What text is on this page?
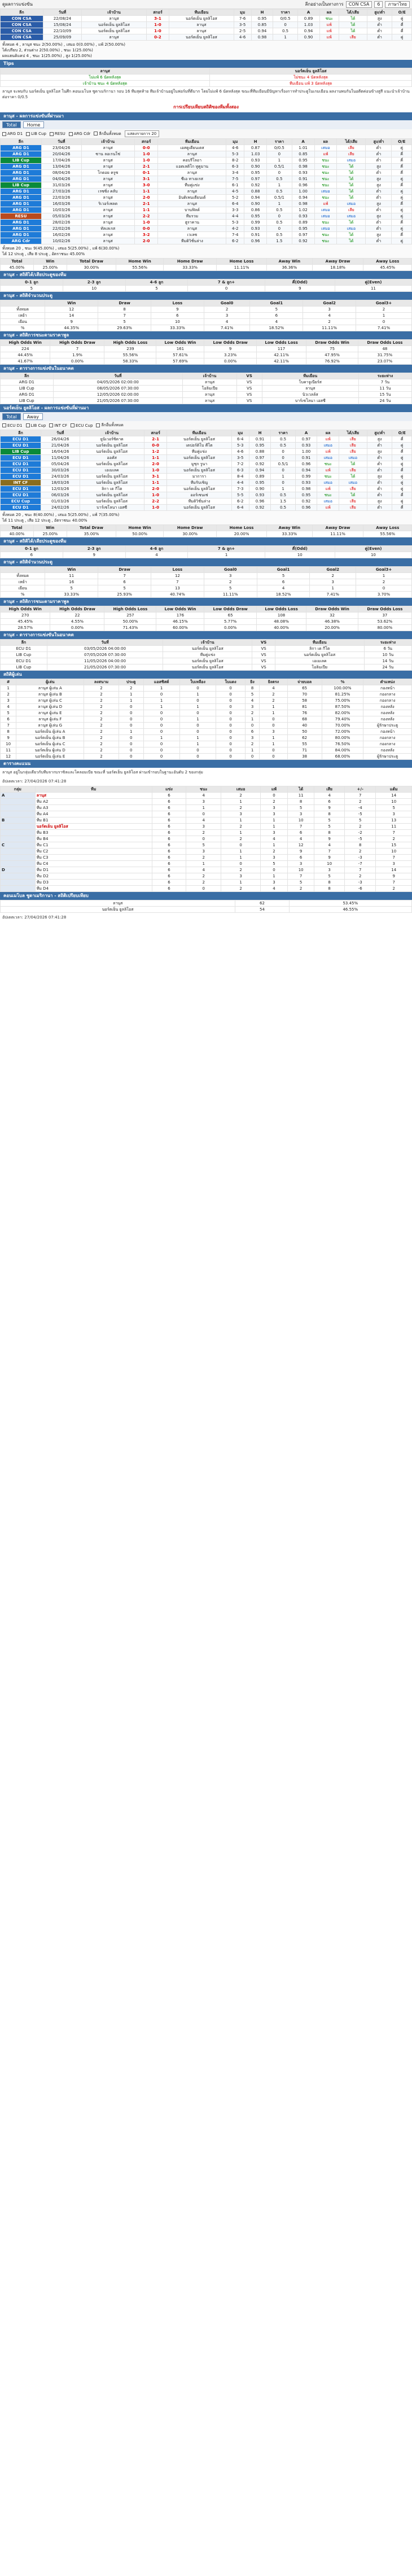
ดูผลการแข่งขัน	ลีกอย่างเป็นทางการ	CON CSA	6	ภาษาไทย
ลีก	วันที่	เจ้าบ้าน	สกอร์	ทีมเยือน	มุม	H	ราคา	A	ผล	ได้/เสีย	สูง/ต่ำ	O/E
CON CSA	22/08/24	ลานุส	3-1	นอร์ตเย็น ยูลลิโอส	7-6	0.95	0/0.5	0.89	ชนะ	ได้	สูง	คู่
CON CSA	15/08/24	นอร์ตเย็น ยูลลิโอส	1-0	ลานุส	3-5	0.85	0	1.03	แพ้	ได้	ต่ำ	คี่
CON CSA	22/10/09	นอร์ตเย็น ยูลลิโอส	1-0	ลานุส	2-5	0.94	0.5	0.94	แพ้	ได้	ต่ำ	คี่
CON CSA	25/09/09	ลานุส	0-2	นอร์ตเย็น ยูลลิโอส	4-6	0.98	1	0.90	แพ้	เสีย	ต่ำ	คู่
ทั้งหมด 4 , ลานุส ชนะ 2(50.00%) , เสมอ 0(0.00%) , แพ้ 2(50.00%)
ได้เปรียบ 2, ส่วนต่าง 2(50.00%) , ชนะ 1(25.00%)
ผลแฮนดิแคป 4 , ชนะ 1(25.00%) , สูง 1(25.00%)
Tips
ลานุส	นอร์ตเย็น ยูลลิโอส
ไม่แพ้ 6 นัดหลังสุด	ไม่ชนะ 4 นัดหลังสุด
เจ้าบ้าน ชนะ 4 นัดหลังสุด	ทีมเยือน แพ้ 3 นัดหลังสุด
ลานุส จะพบกับ นอร์ตเย็น ยูลลิโอส ในศึก คอนเมโบล ซูดาเมริกานา รอบ 16 ทีมสุดท้าย ทีมเจ้าบ้านอยู่ในฟอร์มที่ดีมาก โดยไม่แพ้ 6 นัดหลังสุด ขณะที่ทีมเยือนมีปัญหาเรื่องการทำประตูในเกมเยือน ผลงานพบกันในอดีตค่อนข้างสูสี แนะนำเจ้าบ้านต่อราคา 0/0.5
การเปรียบเทียบสถิติของทีมทั้งสอง
ลานุส - ผลการแข่งขันที่ผ่านมา
Total	Home
ARG D1	LIB Cup	RESU	ARG Cdr	ลีกอื่นทั้งหมด	แสดงรายการ 20
ลีก	วันที่	เจ้าบ้าน	สกอร์	ทีมเยือน	มุม	H	ราคา	A	ผล	ได้/เสีย	สูง/ต่ำ	O/E
ARG D1	23/04/26	ลานุส	0-0	เอสตูเดียนเตส	4-6	0.87	0/0.5	1.01	เสมอ	เสีย	ต่ำ	คู่
ARG D1	20/04/26	ซาน ลอเรนโซ่	1-0	ลานุส	5-3	1.03	0	0.85	แพ้	เสีย	ต่ำ	คี่
LIB Cup	17/04/26	ลานุส	1-0	คอบรีโลอา	8-2	0.93	1	0.95	ชนะ	เสมอ	ต่ำ	คี่
ARG D1	13/04/26	ลานุส	2-1	แอตเลติโก ทูคูมาน	6-3	0.90	0.5/1	0.98	ชนะ	ได้	สูง	คี่
ARG D1	08/04/26	โกดอย ครูซ	0-1	ลานุส	3-4	0.95	0	0.93	ชนะ	ได้	ต่ำ	คี่
ARG D1	04/04/26	ลานุส	3-1	ซีเอ ทาเยเรส	7-5	0.97	0.5	0.91	ชนะ	ได้	สูง	คู่
LIB Cup	31/03/26	ลานุส	3-0	ทีมคู่แข่ง	6-1	0.92	1	0.96	ชนะ	ได้	สูง	คี่
ARG D1	27/03/26	เรซซิ่ง คลับ	1-1	ลานุส	4-5	0.88	0.5	1.00	เสมอ	ได้	ต่ำ	คู่
ARG D1	22/03/26	ลานุส	2-0	อินดิเพนเดียนเต้	5-2	0.94	0.5/1	0.94	ชนะ	ได้	ต่ำ	คู่
ARG D1	16/03/26	ริเวอร์เพลต	2-1	ลานุส	6-4	0.90	1	0.98	แพ้	เสมอ	สูง	คี่
ARG D1	10/03/26	ลานุส	1-1	บานฟิลด์	3-3	0.86	0.5	1.02	เสมอ	เสีย	ต่ำ	คู่
RESU	05/03/26	ลานุส	2-2	ทีมรวม	4-4	0.95	0	0.93	เสมอ	เสมอ	สูง	คู่
ARG D1	28/02/26	ลานุส	1-0	ฮูราคาน	5-3	0.99	0.5	0.89	ชนะ	ได้	ต่ำ	คี่
ARG D1	22/02/26	ทัลเลเรส	0-0	ลานุส	4-2	0.93	0	0.95	เสมอ	เสมอ	ต่ำ	คู่
ARG D1	16/02/26	ลานุส	3-2	เวเลซ	7-4	0.91	0.5	0.97	ชนะ	ได้	สูง	คี่
ARG Cdr	10/02/26	ลานุส	2-0	ทีมดิวิชั่นล่าง	6-2	0.96	1.5	0.92	ชนะ	ได้	ต่ำ	คู่
ทั้งหมด 20 , ชนะ 9(45.00%) , เสมอ 5(25.00%) , แพ้ 6(30.00%)
ได้ 12 ประตู , เสีย 8 ประตู , อัตราชนะ 45.00%
Total	Win	Total Draw	Home Win	Home Draw	Home Loss	Away Win	Away Draw	Away Loss
45.00%	25.00%	30.00%	55.56%	33.33%	11.11%	36.36%	18.18%	45.45%
ลานุส - สถิติได้/เสียประตูของทีม
0-1 ลูก	2-3 ลูก	4-6 ลูก	7 & ลูก+	คี่(Odd)	คู่(Even)
5	10	5	0	9	11
ลานุส - สถิติจำนวนประตู
	Win	Draw	Loss	Goal0	Goal1	Goal2	Goal3+
ทั้งหมด	12	8	9	2	5	3	2
เหย้า	14	7	6	3	6	4	1
เยือน	9	5	10	4	4	2	0
%	44.35%	29.63%	33.33%	7.41%	18.52%	11.11%	7.41%
ลานุส - สถิติการชนะตามราคาพูล
High Odds Win	High Odds Draw	High Odds Loss	Low Odds Win	Low Odds Draw	Low Odds Loss	Draw Odds Win	Draw Odds Loss
224	7	239	161	9	117	75	48
44.45%	1.9%	55.56%	57.61%	3.23%	42.11%	47.95%	31.75%
41.67%	0.00%	58.33%	57.69%	0.00%	42.11%	76.92%	23.07%
ลานุส - ตารางการแข่งขันในอนาคต
ลีก	วันที่	เจ้าบ้าน	VS	ทีมเยือน	ระยะห่าง
ARG D1	04/05/2026 02:00:00	ลานุส	VS	โบคาจูเนียร์ส	7 วัน
LIB Cup	08/05/2026 07:30:00	โอลิมเปีย	VS	ลานุส	11 วัน
ARG D1	12/05/2026 02:00:00	ลานุส	VS	นิวเวลล์ส	15 วัน
LIB Cup	21/05/2026 07:30:00	ลานุส	VS	บาร์เซโลนา เอสซี	24 วัน
นอร์ตเย็น ยูลลิโอส - ผลการแข่งขันที่ผ่านมา
Total	Away
ECU D1	LIB Cup	INT CF	ECU Cup	ลีกอื่นทั้งหมด
ลีก	วันที่	เจ้าบ้าน	สกอร์	ทีมเยือน	มุม	H	ราคา	A	ผล	ได้/เสีย	สูง/ต่ำ	O/E
ECU D1	26/04/26	ยูนิเวอร์ซิดาด	2-1	นอร์ตเย็น ยูลลิโอส	6-4	0.91	0.5	0.97	แพ้	เสีย	สูง	คี่
ECU D1	21/04/26	นอร์ตเย็น ยูลลิโอส	0-0	เดปอร์ติโบ คีโต	5-3	0.95	0.5	0.93	เสมอ	เสีย	ต่ำ	คู่
LIB Cup	16/04/26	นอร์ตเย็น ยูลลิโอส	1-2	ทีมคู่แข่ง	4-6	0.88	0	1.00	แพ้	เสีย	สูง	คี่
ECU D1	11/04/26	ออคัส	1-1	นอร์ตเย็น ยูลลิโอส	3-5	0.97	0	0.91	เสมอ	เสมอ	ต่ำ	คู่
ECU D1	05/04/26	นอร์ตเย็น ยูลลิโอส	2-0	มูชุก รูนา	7-2	0.92	0.5/1	0.96	ชนะ	ได้	ต่ำ	คู่
ECU D1	30/03/26	เอเมเลค	1-0	นอร์ตเย็น ยูลลิโอส	6-3	0.94	0	0.94	แพ้	เสีย	ต่ำ	คี่
ECU D1	24/03/26	นอร์ตเย็น ยูลลิโอส	3-1	มาการา	8-4	0.89	1	0.99	ชนะ	ได้	สูง	คู่
INT CF	18/03/26	นอร์ตเย็น ยูลลิโอส	1-1	ทีมรับเชิญ	4-4	0.95	0	0.93	เสมอ	เสมอ	ต่ำ	คู่
ECU D1	12/03/26	ลิกา เด กีโต	2-0	นอร์ตเย็น ยูลลิโอส	7-3	0.90	1	0.98	แพ้	เสีย	ต่ำ	คู่
ECU D1	06/03/26	นอร์ตเย็น ยูลลิโอส	1-0	ออร์เซนเซ่	5-5	0.93	0.5	0.95	ชนะ	ได้	ต่ำ	คี่
ECU Cup	01/03/26	นอร์ตเย็น ยูลลิโอส	2-2	ทีมดิวิชั่นล่าง	6-2	0.96	1.5	0.92	เสมอ	เสีย	สูง	คู่
ECU D1	24/02/26	บาร์เซโลนา เอสซี	1-0	นอร์ตเย็น ยูลลิโอส	6-4	0.92	0.5	0.96	แพ้	เสีย	ต่ำ	คี่
ทั้งหมด 20 , ชนะ 8(40.00%) , เสมอ 5(25.00%) , แพ้ 7(35.00%)
ได้ 11 ประตู , เสีย 12 ประตู , อัตราชนะ 40.00%
Total	Win	Total Draw	Home Win	Home Draw	Home Loss	Away Win	Away Draw	Away Loss
40.00%	25.00%	35.00%	50.00%	30.00%	20.00%	33.33%	11.11%	55.56%
ลานุส - สถิติได้/เสียประตูของทีม
0-1 ลูก	2-3 ลูก	4-6 ลูก	7 & ลูก+	คี่(Odd)	คู่(Even)
6	9	4	1	10	10
ลานุส - สถิติจำนวนประตู
	Win	Draw	Loss	Goal0	Goal1	Goal2	Goal3+
ทั้งหมด	11	7	12	3	5	2	1
เหย้า	16	6	7	2	6	3	2
เยือน	5	5	13	5	4	1	0
%	33.33%	25.93%	40.74%	11.11%	18.52%	7.41%	3.70%
ลานุส - สถิติการชนะตามราคาพูล
High Odds Win	High Odds Draw	High Odds Loss	Low Odds Win	Low Odds Draw	Low Odds Loss	Draw Odds Win	Draw Odds Loss
270	22	257	176	65	108	32	37
45.45%	4.55%	50.00%	46.15%	5.77%	48.08%	46.38%	53.62%
28.57%	0.00%	71.43%	60.00%	0.00%	40.00%	20.00%	80.00%
ลานุส - ตารางการแข่งขันในอนาคต
ลีก	วันที่	เจ้าบ้าน	VS	ทีมเยือน	ระยะห่าง
ECU D1	03/05/2026 04:00:00	นอร์ตเย็น ยูลลิโอส	VS	ลิกา เด กีโต	6 วัน
LIB Cup	07/05/2026 07:30:00	ทีมคู่แข่ง	VS	นอร์ตเย็น ยูลลิโอส	10 วัน
ECU D1	11/05/2026 04:00:00	นอร์ตเย็น ยูลลิโอส	VS	เอเมเลค	14 วัน
LIB Cup	21/05/2026 07:30:00	นอร์ตเย็น ยูลลิโอส	VS	โอลิมเปีย	24 วัน
สถิติผู้เล่น
#	ผู้เล่น	ลงสนาม	ประตู	แอสซิสต์	ใบเหลือง	ใบแดง	ยิง	ยิงตรง	จ่ายบอล	%	ตำแหน่ง
1	ลานุส ผู้เล่น A	2	2	1	0	0	8	4	65	100.00%	กองหน้า
2	ลานุส ผู้เล่น B	2	1	0	1	0	5	2	70	81.25%	กองกลาง
3	ลานุส ผู้เล่น C	2	1	1	0	0	4	2	58	75.00%	กองกลาง
4	ลานุส ผู้เล่น D	2	0	1	1	0	3	1	81	87.50%	กองหลัง
5	ลานุส ผู้เล่น E	2	0	0	0	0	2	1	76	82.00%	กองหลัง
6	ลานุส ผู้เล่น F	2	0	0	1	0	1	0	68	79.40%	กองหลัง
7	ลานุส ผู้เล่น G	2	0	0	0	0	0	0	40	70.00%	ผู้รักษาประตู
8	นอร์ตเย็น ผู้เล่น A	2	1	0	0	0	6	3	50	72.00%	กองหน้า
9	นอร์ตเย็น ผู้เล่น B	2	0	1	1	0	3	1	62	80.00%	กองกลาง
10	นอร์ตเย็น ผู้เล่น C	2	0	0	1	0	2	1	55	76.50%	กองกลาง
11	นอร์ตเย็น ผู้เล่น D	2	0	0	0	0	1	0	71	84.00%	กองหลัง
12	นอร์ตเย็น ผู้เล่น E	2	0	0	0	0	0	0	38	68.00%	ผู้รักษาประตู
ตารางคะแนน
ลานุส อยู่ในกลุ่มเดียวกับทีมจากบราซิลและโคลอมเบีย ขณะที่ นอร์ตเย็น ยูลลิโอส ผ่านเข้ารอบในฐานะอันดับ 2 ของกลุ่ม
อัปเดตเวลา: 27/04/2026 07:41:28
กลุ่ม	ทีม	แข่ง	ชนะ	เสมอ	แพ้	ได้	เสีย	+/-	แต้ม
A	ลานุส	6	4	2	0	11	4	7	14
	ทีม A2	6	3	1	2	8	6	2	10
	ทีม A3	6	1	2	3	5	9	-4	5
	ทีม A4	6	0	3	3	3	8	-5	3
B	ทีม B1	6	4	1	1	10	5	5	13
	นอร์ตเย็น ยูลลิโอส	6	3	2	1	7	5	2	11
	ทีม B3	6	2	1	3	6	8	-2	7
	ทีม B4	6	0	2	4	4	9	-5	2
C	ทีม C1	6	5	0	1	12	4	8	15
	ทีม C2	6	3	1	2	9	7	2	10
	ทีม C3	6	2	1	3	6	9	-3	7
	ทีม C4	6	1	0	5	3	10	-7	3
D	ทีม D1	6	4	2	0	10	3	7	14
	ทีม D2	6	2	3	1	7	5	2	9
	ทีม D3	6	2	1	3	5	8	-3	7
	ทีม D4	6	0	2	4	2	8	-6	2
คอนเมโบล ซูดาเมริกานา - สถิติเปรียบเทียบ
ลานุส	62	53.45%
นอร์ตเย็น ยูลลิโอส	54	46.55%
อัปเดตเวลา: 27/04/2026 07:41:28
